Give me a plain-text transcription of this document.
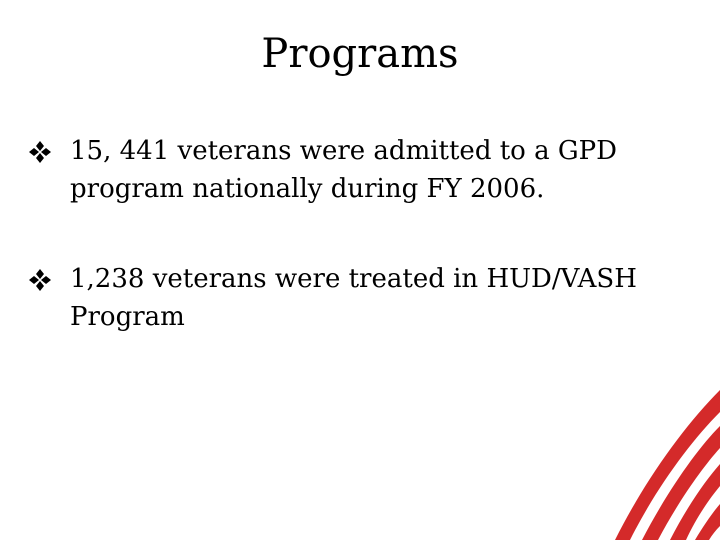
Programs
15, 441 veterans were admitted to a GPD program nationally during FY 2006.
1,238 veterans were treated in HUD/VASH Program
